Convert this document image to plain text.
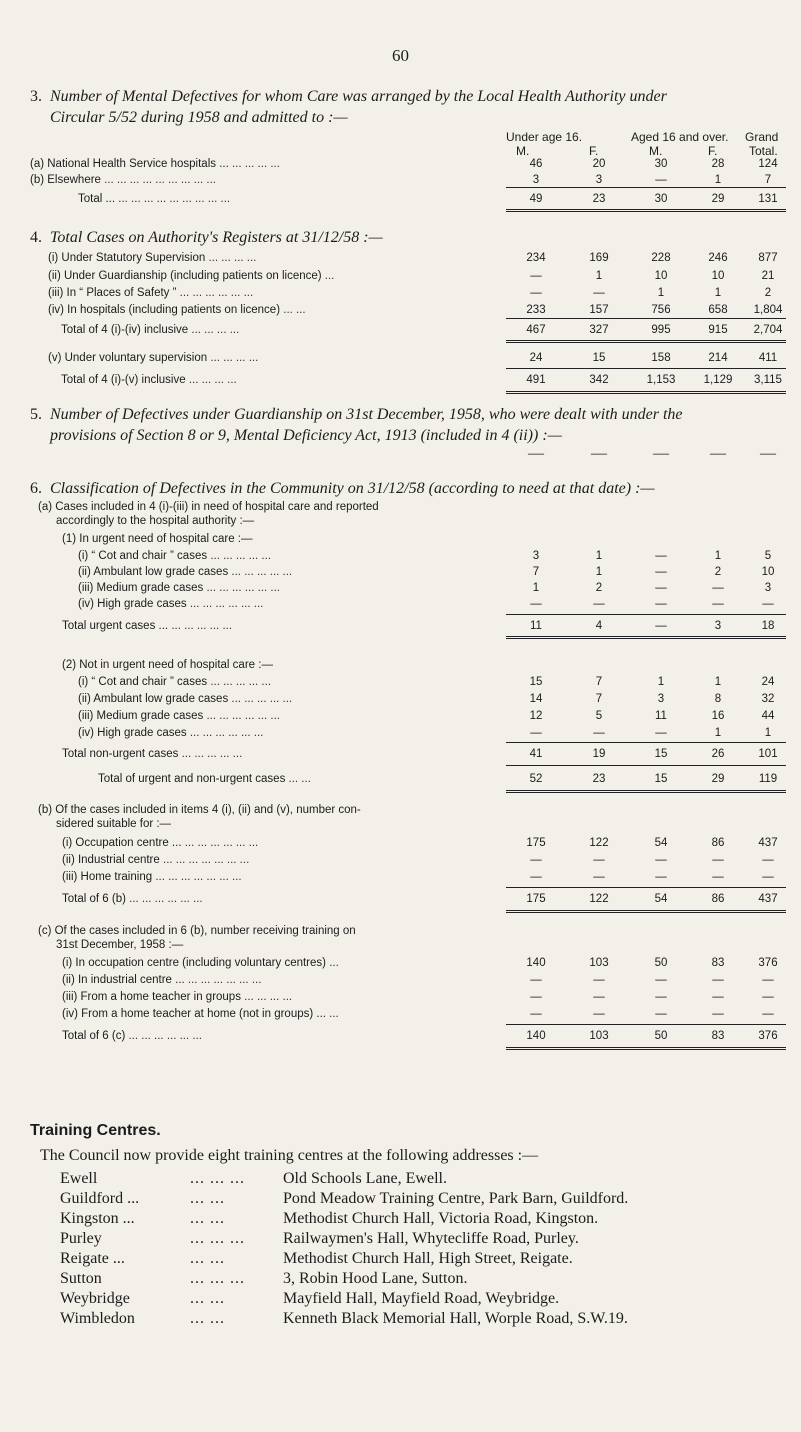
60
3. Number of Mental Defectives for whom Care was arranged by the Local Health Authority under
Circular 5/52 during 1958 and admitted to :—
Under age 16.	Aged 16 and over. Grand
M.	F.	M.	F.	Total.
Training Centres.
The Council now provide eight training centres at the following addresses :—
(a) National Health Service hospitals ... ... ... ... ...	46	20	30	28	124
(b) Elsewhere ... ... ... ... ... ... ... ... ...	3	3	—	1	7
Total ... ... ... ... ... ... ... ... ... ...	49	23	30	29	131
4. Total Cases on Authority's Registers at 31/12/58 :—
(i) Under Statutory Supervision ... ... ... ...	234	169	228	246	877
(ii) Under Guardianship (including patients on licence) ...	—	1	10	10	21
(iii) In “ Places of Safety ” ... ... ... ... ... ...	—	—	1	1	2
(iv) In hospitals (including patients on licence) ... ...	233	157	756	658	1,804
Total of 4 (i)-(iv) inclusive ... ... ... ...	467	327	995	915	2,704
(v) Under voluntary supervision ... ... ... ...	24	15	158	214	411
Total of 4 (i)-(v) inclusive ... ... ... ...	491	342	1,153	1,129	3,115
5. Number of Defectives under Guardianship on 31st December, 1958, who were dealt with under the
provisions of Section 8 or 9, Mental Deficiency Act, 1913 (included in 4 (ii)) :—
—	—	—	—	—
6. Classification of Defectives in the Community on 31/12/58 (according to need at that date) :—
(a) Cases included in 4 (i)-(iii) in need of hospital care and reported
accordingly to the hospital authority :—
(1) In urgent need of hospital care :—
(i) “ Cot and chair ” cases ... ... ... ... ...	3	1	—	1	5
(ii) Ambulant low grade cases ... ... ... ... ...	7	1	—	2	10
(iii) Medium grade cases ... ... ... ... ... ...	1	2	—	—	3
(iv) High grade cases ... ... ... ... ... ...	—	—	—	—	—
Total urgent cases ... ... ... ... ... ...	11	4	—	3	18
(2) Not in urgent need of hospital care :—
(i) “ Cot and chair ” cases ... ... ... ... ...	15	7	1	1	24
(ii) Ambulant low grade cases ... ... ... ... ...	14	7	3	8	32
(iii) Medium grade cases ... ... ... ... ... ...	12	5	11	16	44
(iv) High grade cases ... ... ... ... ... ...	—	—	—	1	1
Total non-urgent cases ... ... ... ... ...	41	19	15	26	101
Total of urgent and non-urgent cases ... ...	52	23	15	29	119
(b) Of the cases included in items 4 (i), (ii) and (v), number con-
sidered suitable for :—
(i) Occupation centre ... ... ... ... ... ... ...	175	122	54	86	437
(ii) Industrial centre ... ... ... ... ... ... ...	—	—	—	—	—
(iii) Home training ... ... ... ... ... ... ...	—	—	—	—	—
Total of 6 (b) ... ... ... ... ... ...	175	122	54	86	437
(c) Of the cases included in 6 (b), number receiving training on
31st December, 1958 :—
(i) In occupation centre (including voluntary centres) ...	140	103	50	83	376
(ii) In industrial centre ... ... ... ... ... ... ...	—	—	—	—	—
(iii) From a home teacher in groups ... ... ... ...	—	—	—	—	—
(iv) From a home teacher at home (not in groups) ... ...	—	—	—	—	—
Total of 6 (c) ... ... ... ... ... ...	140	103	50	83	376
Ewell	... ... ... Old Schools Lane, Ewell.
Guildford ...	... ...	Pond Meadow Training Centre, Park Barn, Guildford.
Kingston ...	... ...	Methodist Church Hall, Victoria Road, Kingston.
Purley	... ... ... Railwaymen's Hall, Whytecliffe Road, Purley.
Reigate ...	... ...	Methodist Church Hall, High Street, Reigate.
Sutton	... ... ... 3, Robin Hood Lane, Sutton.
Weybridge	... ...	Mayfield Hall, Mayfield Road, Weybridge.
Wimbledon	... ...	Kenneth Black Memorial Hall, Worple Road, S.W.19.
